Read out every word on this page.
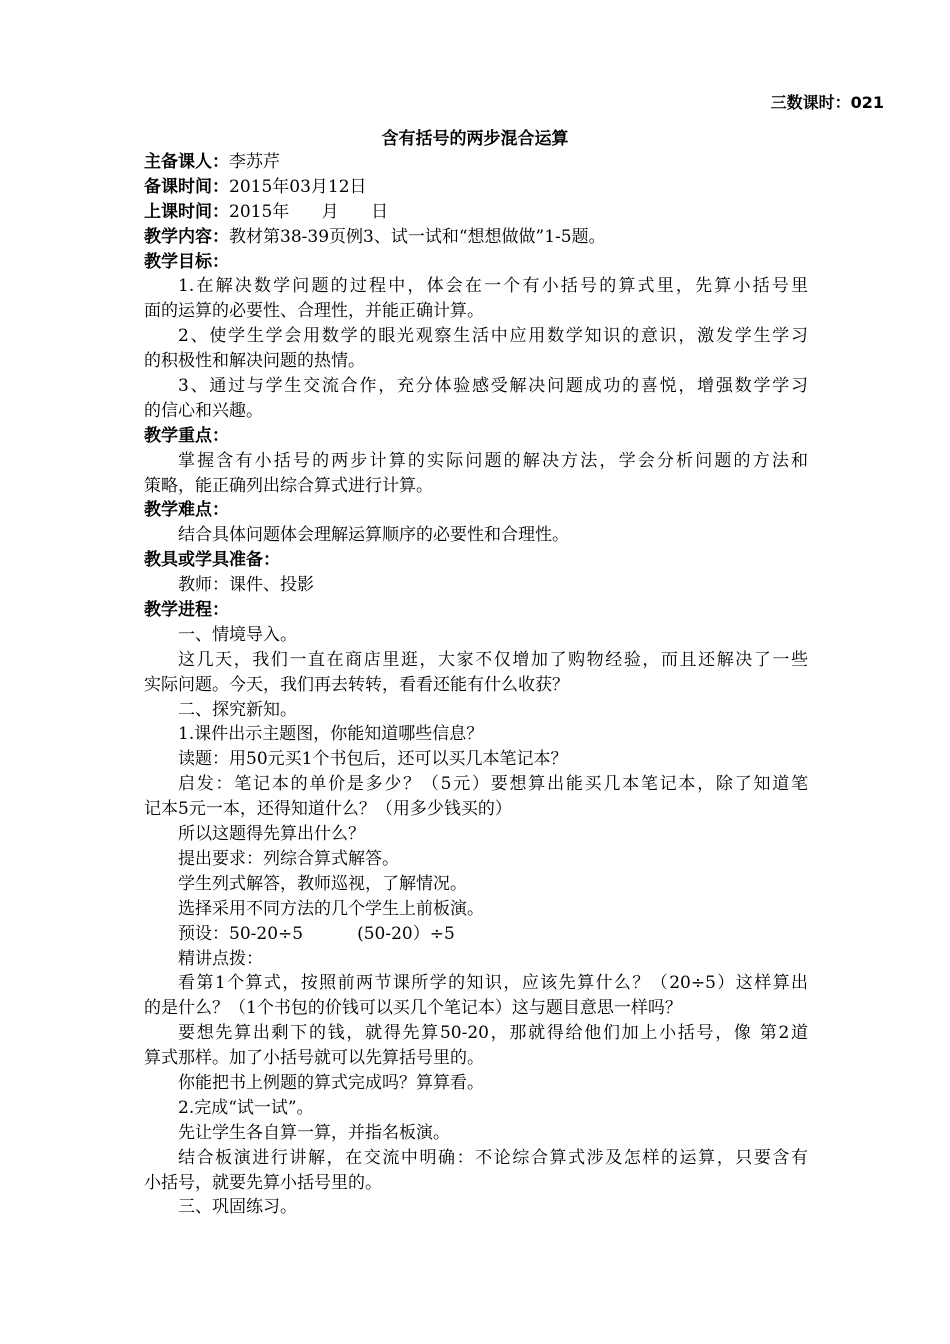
三数课时：021
含有括号的两步混合运算
主备课人：李苏芹
备课时间：2015年03月12日
上课时间：2015年      月      日
教学内容：教材第38-39页例3、试一试和“想想做做”1-5题。
教学目标：
1.在解决数学问题的过程中，体会在一个有小括号的算式里，先算小括号里
面的运算的必要性、合理性，并能正确计算。
2、使学生学会用数学的眼光观察生活中应用数学知识的意识，激发学生学习
的积极性和解决问题的热情。
3、通过与学生交流合作，充分体验感受解决问题成功的喜悦，增强数学学习
的信心和兴趣。
教学重点：
掌握含有小括号的两步计算的实际问题的解决方法，学会分析问题的方法和
策略，能正确列出综合算式进行计算。
教学难点：
结合具体问题体会理解运算顺序的必要性和合理性。
教具或学具准备：
教师：课件、投影
教学进程：
一、情境导入。
这几天，我们一直在商店里逛，大家不仅增加了购物经验，而且还解决了一些
实际问题。今天，我们再去转转，看看还能有什么收获？
二、探究新知。
1.课件出示主题图，你能知道哪些信息？
读题：用50元买1个书包后，还可以买几本笔记本？
启发：笔记本的单价是多少？（5元）要想算出能买几本笔记本，除了知道笔
记本5元一本，还得知道什么？（用多少钱买的）
所以这题得先算出什么？
提出要求：列综合算式解答。
学生列式解答，教师巡视，了解情况。
选择采用不同方法的几个学生上前板演。
预设：50-20÷5          (50-20）÷5
精讲点拨：
看第1个算式，按照前两节课所学的知识，应该先算什么？（20÷5）这样算出
的是什么？（1个书包的价钱可以买几个笔记本）这与题目意思一样吗？
要想先算出剩下的钱，就得先算50-20，那就得给他们加上小括号，像 第2道
算式那样。加了小括号就可以先算括号里的。
你能把书上例题的算式完成吗？算算看。
2.完成“试一试”。
先让学生各自算一算，并指名板演。
结合板演进行讲解，在交流中明确：不论综合算式涉及怎样的运算，只要含有
小括号，就要先算小括号里的。
三、巩固练习。
